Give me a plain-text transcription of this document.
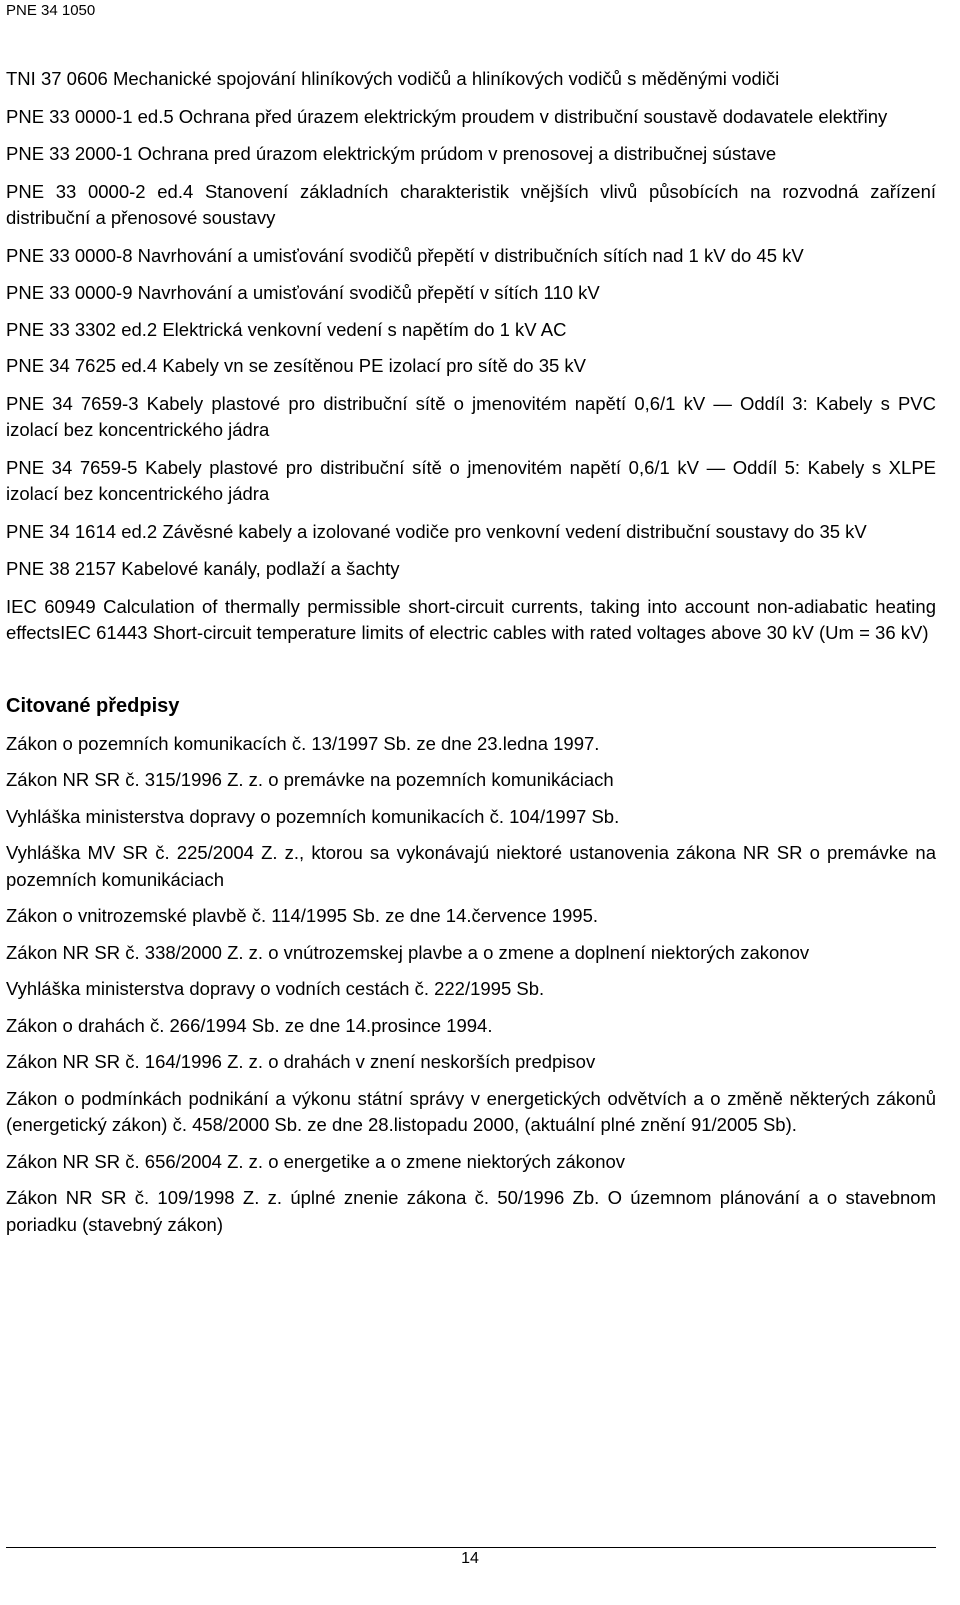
PNE 34 1050

TNI 37 0606 Mechanické spojování hliníkových vodičů a hliníkových vodičů s měděnými vodiči

PNE 33 0000-1 ed.5 Ochrana před úrazem elektrickým proudem v distribuční soustavě dodavatele elektřiny

PNE 33 2000-1 Ochrana pred úrazom elektrickým prúdom v prenosovej a distribučnej sústave

PNE 33 0000-2 ed.4 Stanovení základních charakteristik vnějších vlivů působících na rozvodná zařízení distribuční a přenosové soustavy

PNE 33 0000-8 Navrhování a umisťování svodičů přepětí v distribučních sítích nad 1 kV do 45 kV

PNE 33 0000-9 Navrhování a umisťování svodičů přepětí v sítích 110 kV

PNE 33 3302 ed.2 Elektrická venkovní vedení s napětím do 1 kV AC

PNE 34 7625 ed.4 Kabely vn se zesítěnou PE izolací pro sítě do 35 kV

PNE 34 7659-3 Kabely plastové pro distribuční sítě o jmenovitém napětí 0,6/1 kV — Oddíl 3: Kabely s PVC izolací bez koncentrického jádra

PNE 34 7659-5 Kabely plastové pro distribuční sítě o jmenovitém napětí 0,6/1 kV — Oddíl 5: Kabely s XLPE izolací bez koncentrického jádra

PNE 34 1614 ed.2 Závěsné kabely a izolované vodiče pro venkovní vedení distribuční soustavy do 35 kV

PNE 38 2157 Kabelové kanály, podlaží a šachty

IEC 60949 Calculation of thermally permissible short-circuit currents, taking into account non-adiabatic heating effectsIEC 61443 Short-circuit temperature limits of electric cables with rated voltages above 30 kV (Um = 36 kV)

Citované předpisy

Zákon o pozemních komunikacích č. 13/1997 Sb. ze dne 23.ledna 1997.

Zákon NR SR č. 315/1996 Z. z. o premávke na pozemních komunikáciach

Vyhláška ministerstva dopravy o pozemních komunikacích č. 104/1997 Sb.

Vyhláška MV SR č. 225/2004 Z. z., ktorou sa vykonávajú niektoré ustanovenia zákona NR SR o premávke na pozemních komunikáciach

Zákon o vnitrozemské plavbě č. 114/1995 Sb. ze dne 14.července 1995.

Zákon NR SR č. 338/2000 Z. z. o vnútrozemskej plavbe a o zmene a doplnení niektorých zakonov

Vyhláška ministerstva dopravy o vodních cestách č. 222/1995 Sb.

Zákon o drahách č. 266/1994 Sb. ze dne 14.prosince 1994.

Zákon NR SR č. 164/1996 Z. z. o drahách v znení neskorších predpisov

Zákon o podmínkách podnikání a výkonu státní správy v energetických odvětvích a o změně některých zákonů (energetický zákon) č. 458/2000 Sb. ze dne 28.listopadu 2000, (aktuální plné znění 91/2005 Sb).

Zákon NR SR č. 656/2004 Z. z. o energetike a o zmene niektorých zákonov

Zákon NR SR č. 109/1998 Z. z. úplné znenie zákona č. 50/1996 Zb. O územnom plánování a o stavebnom poriadku (stavebný zákon)

14
